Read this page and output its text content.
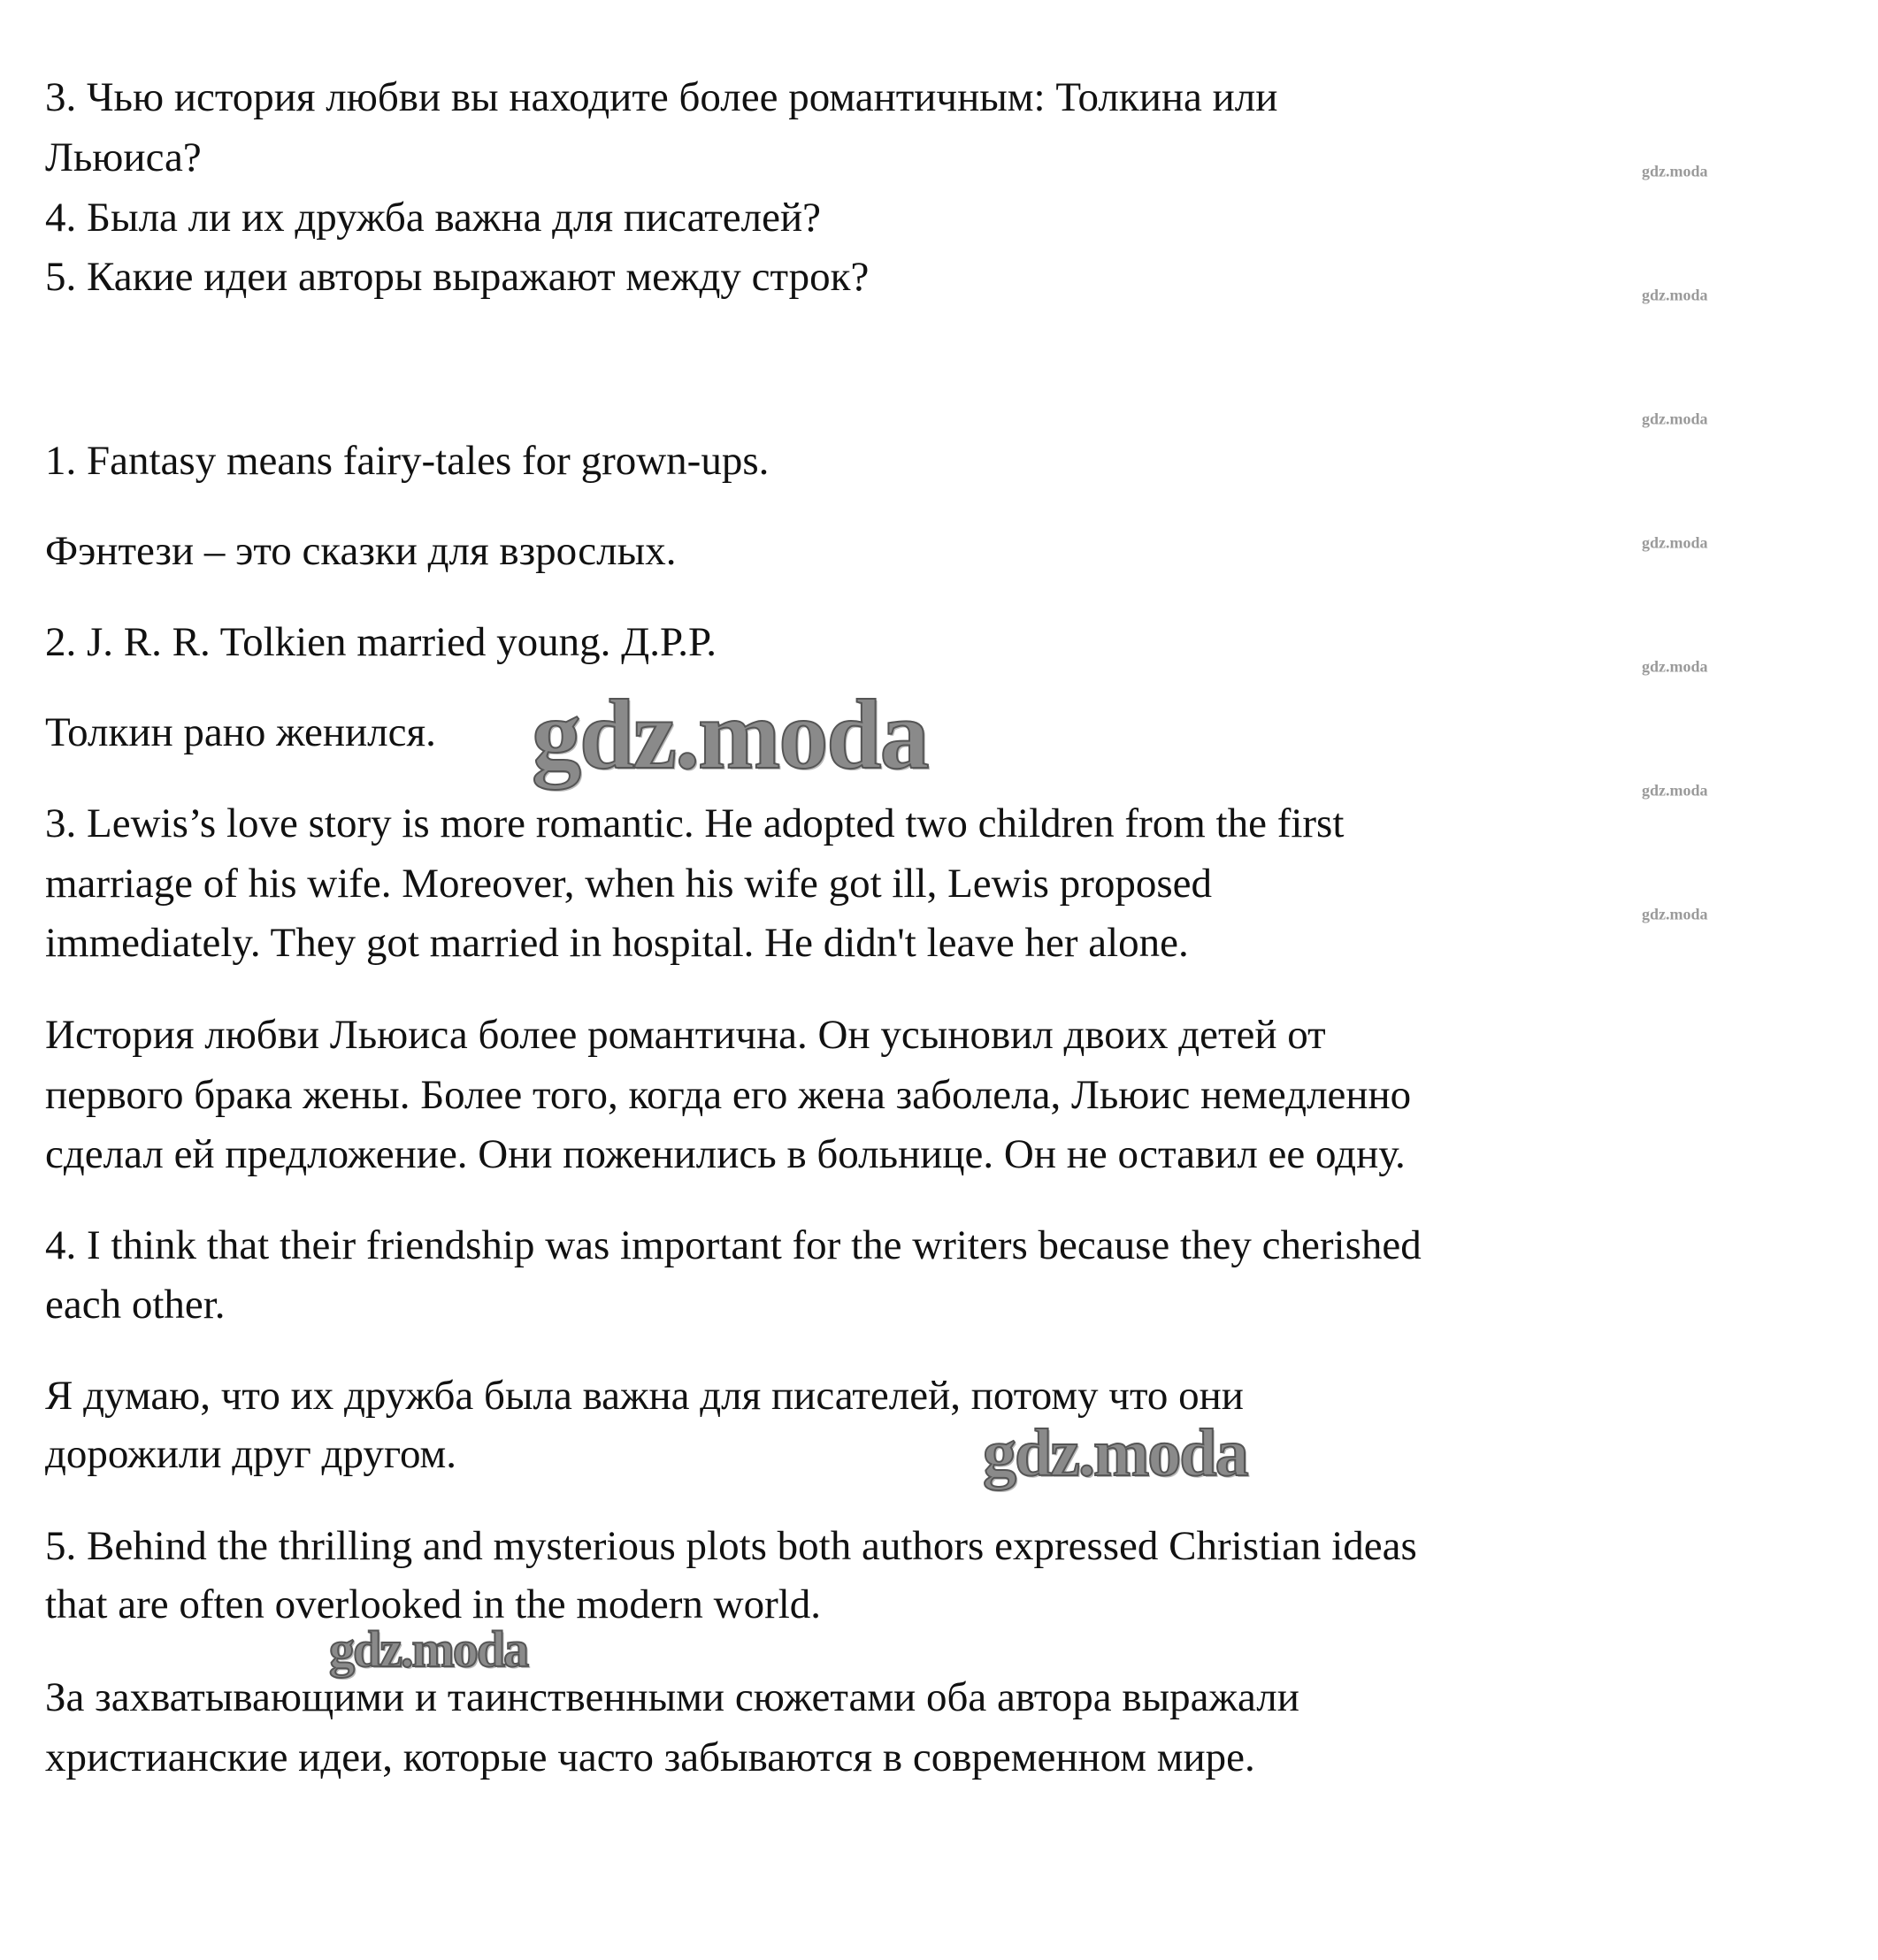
3. Чью история любви вы находите более романтичным: Толкина или
Льюиса?
4. Была ли их дружба важна для писателей?
5. Какие идеи авторы выражают между строк?
1. Fantasy means fairy-tales for grown-ups.
Фэнтези – это сказки для взрослых.
2. J. R. R. Tolkien married young. Д.Р.Р.
Толкин рано женился.
3. Lewis’s love story is more romantic. He adopted two children from the first
marriage of his wife. Moreover, when his wife got ill, Lewis proposed
immediately. They got married in hospital. He didn't leave her alone.
История любви Льюиса более романтична. Он усыновил двоих детей от
первого брака жены. Более того, когда его жена заболела, Льюис немедленно
сделал ей предложение. Они поженились в больнице. Он не оставил ее одну.
4. I think that their friendship was important for the writers because they cherished
each other.
Я думаю, что их дружба была важна для писателей, потому что они
дорожили друг другом.
5. Behind the thrilling and mysterious plots both authors expressed Christian ideas
that are often overlooked in the modern world.
За захватывающими и таинственными сюжетами оба автора выражали
христианские идеи, которые часто забываются в современном мире.
gdz.moda
gdz.moda
gdz.moda
gdz.moda
gdz.moda
gdz.moda
gdz.moda
gdz.moda
gdz.moda
gdz.moda
